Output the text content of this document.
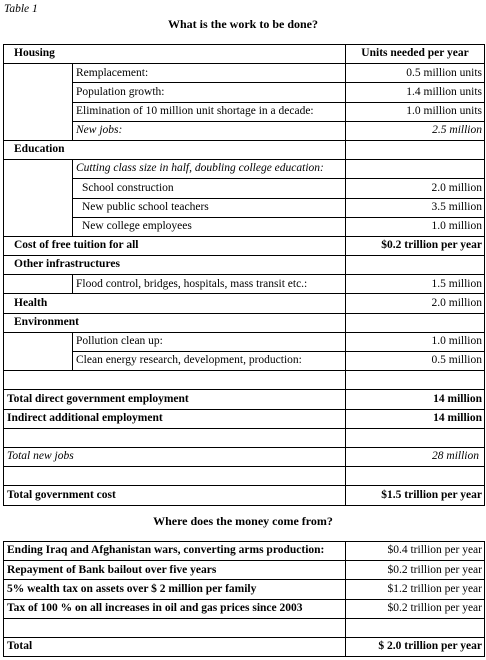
Table 1
What is the work to be done?
Housing		Units needed per year
	Remplacement:	0.5 million units
	Population growth:	1.4 million units
	Elimination of 10 million unit shortage in a decade:	1.0 million units
	New jobs:	2.5 million
Education		
	Cutting class size in half, doubling college education:	
	School construction	2.0 million
	New public school teachers	3.5 million
	New college employees	1.0 million
Cost of free tuition for all		$0.2 trillion per year
Other infrastructures		
	Flood control, bridges, hospitals, mass transit etc.:	1.5 million
Health		2.0 million
Environment		
	Pollution clean up:	1.0 million
	Clean energy research, development, production:	0.5 million

Total direct government employment		14 million
Indirect additional employment		14 million

Total new jobs		28 million

Total government cost		$1.5 trillion per year
Where does the money come from?
Ending Iraq and Afghanistan wars, converting arms production:	$0.4 trillion per year
Repayment of Bank bailout over five years	$0.2 trillion per year
5% wealth tax on assets over $ 2 million per family	$1.2 trillion per year
Tax of 100 % on all increases in oil and gas prices since 2003	$0.2 trillion per year

Total	$ 2.0 trillion per year
